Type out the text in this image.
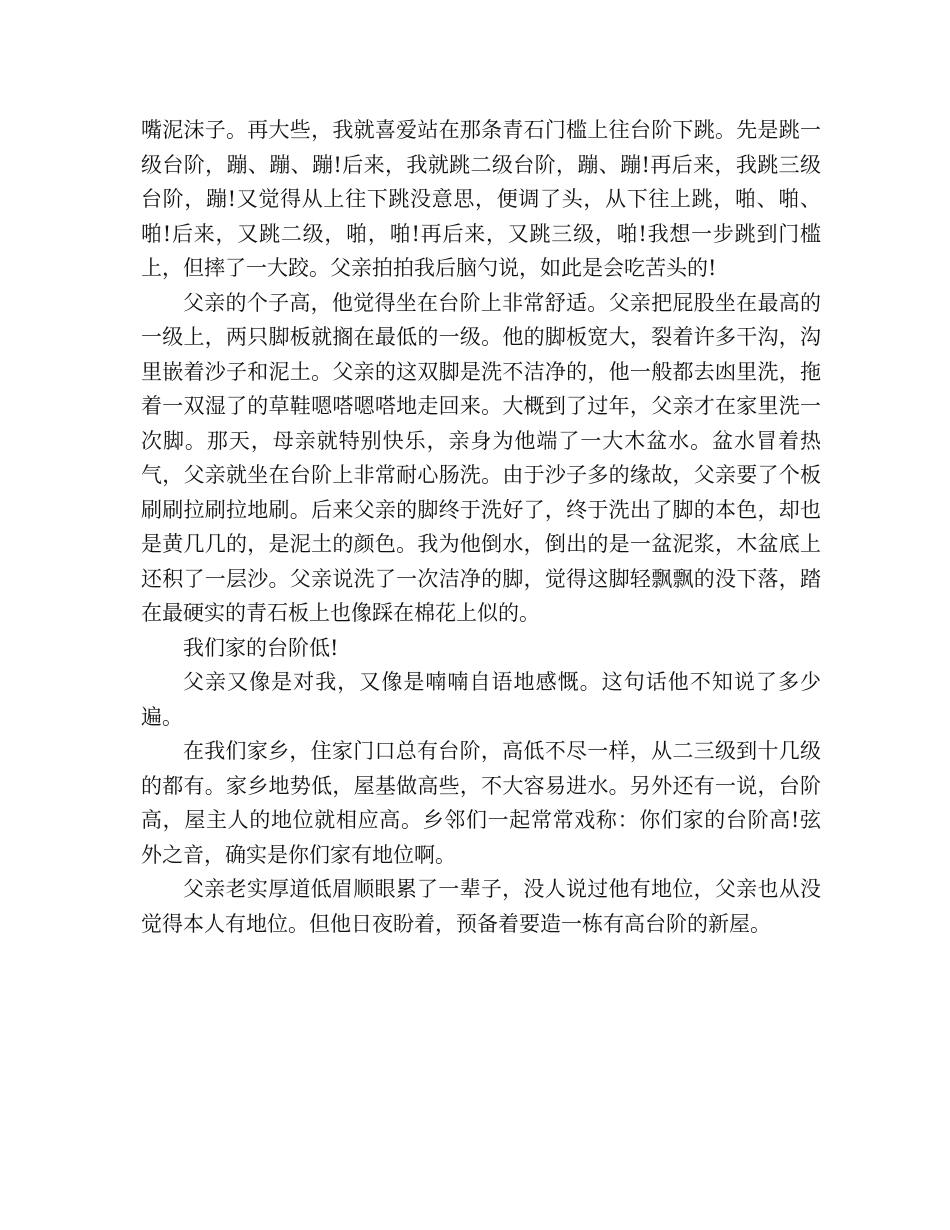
嘴泥沫子。再大些，我就喜爱站在那条青石门槛上往台阶下跳。先是跳一级台阶，蹦、蹦、蹦!后来，我就跳二级台阶，蹦、蹦!再后来，我跳三级台阶，蹦!又觉得从上往下跳没意思，便调了头，从下往上跳，啪、啪、啪!后来，又跳二级，啪，啪!再后来，又跳三级，啪!我想一步跳到门槛上，但摔了一大跤。父亲拍拍我后脑勺说，如此是会吃苦头的!

父亲的个子高，他觉得坐在台阶上非常舒适。父亲把屁股坐在最高的一级上，两只脚板就搁在最低的一级。他的脚板宽大，裂着许多干沟，沟里嵌着沙子和泥土。父亲的这双脚是洗不洁净的，他一般都去凼里洗，拖着一双湿了的草鞋嗯嗒嗯嗒地走回来。大概到了过年，父亲才在家里洗一次脚。那天，母亲就特别快乐，亲身为他端了一大木盆水。盆水冒着热气，父亲就坐在台阶上非常耐心肠洗。由于沙子多的缘故，父亲要了个板刷刷拉刷拉地刷。后来父亲的脚终于洗好了，终于洗出了脚的本色，却也是黄几几的，是泥土的颜色。我为他倒水，倒出的是一盆泥浆，木盆底上还积了一层沙。父亲说洗了一次洁净的脚，觉得这脚轻飘飘的没下落，踏在最硬实的青石板上也像踩在棉花上似的。

我们家的台阶低!

父亲又像是对我，又像是喃喃自语地感慨。这句话他不知说了多少遍。

在我们家乡，住家门口总有台阶，高低不尽一样，从二三级到十几级的都有。家乡地势低，屋基做高些，不大容易进水。另外还有一说，台阶高，屋主人的地位就相应高。乡邻们一起常常戏称：你们家的台阶高!弦外之音，确实是你们家有地位啊。

父亲老实厚道低眉顺眼累了一辈子，没人说过他有地位，父亲也从没觉得本人有地位。但他日夜盼着，预备着要造一栋有高台阶的新屋。
